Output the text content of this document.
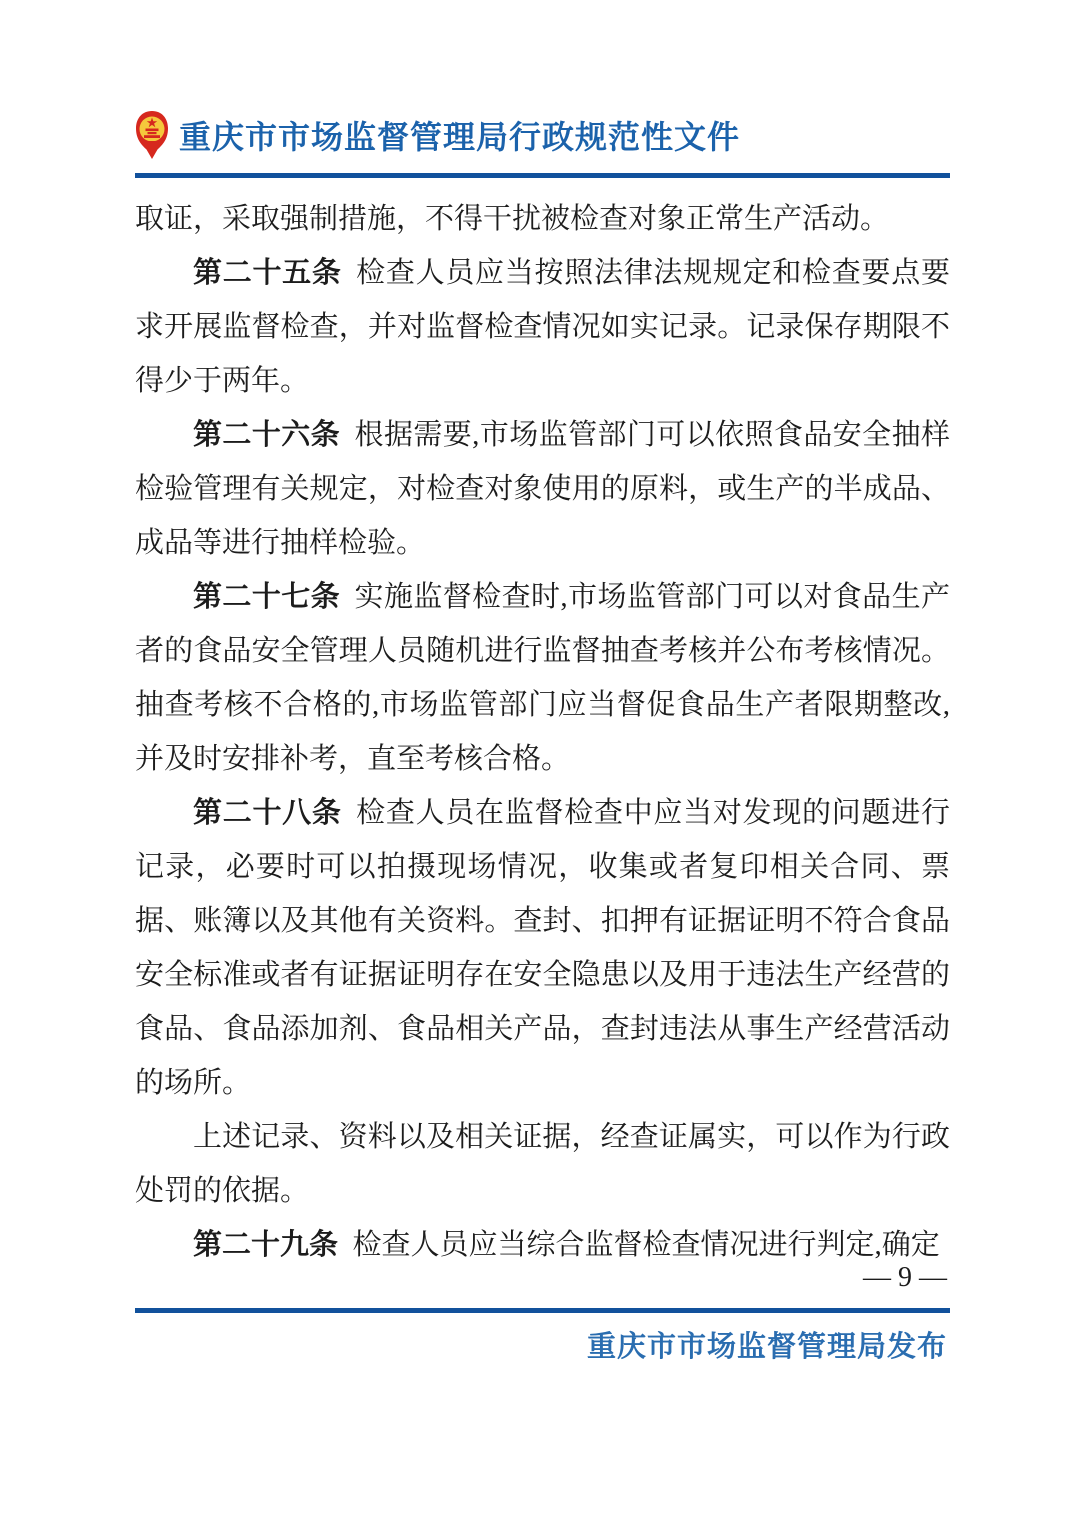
重庆市市场监督管理局行政规范性文件

取证，采取强制措施，不得干扰被检查对象正常生产活动。

第二十五条 检查人员应当按照法律法规规定和检查要点要求开展监督检查，并对监督检查情况如实记录。记录保存期限不得少于两年。

第二十六条 根据需要,市场监管部门可以依照食品安全抽样检验管理有关规定，对检查对象使用的原料，或生产的半成品、成品等进行抽样检验。

第二十七条 实施监督检查时,市场监管部门可以对食品生产者的食品安全管理人员随机进行监督抽查考核并公布考核情况。抽查考核不合格的,市场监管部门应当督促食品生产者限期整改,并及时安排补考，直至考核合格。

第二十八条 检查人员在监督检查中应当对发现的问题进行记录，必要时可以拍摄现场情况，收集或者复印相关合同、票据、账簿以及其他有关资料。查封、扣押有证据证明不符合食品安全标准或者有证据证明存在安全隐患以及用于违法生产经营的食品、食品添加剂、食品相关产品，查封违法从事生产经营活动的场所。

上述记录、资料以及相关证据，经查证属实，可以作为行政处罚的依据。

第二十九条 检查人员应当综合监督检查情况进行判定,确定

— 9 —
重庆市市场监督管理局发布
